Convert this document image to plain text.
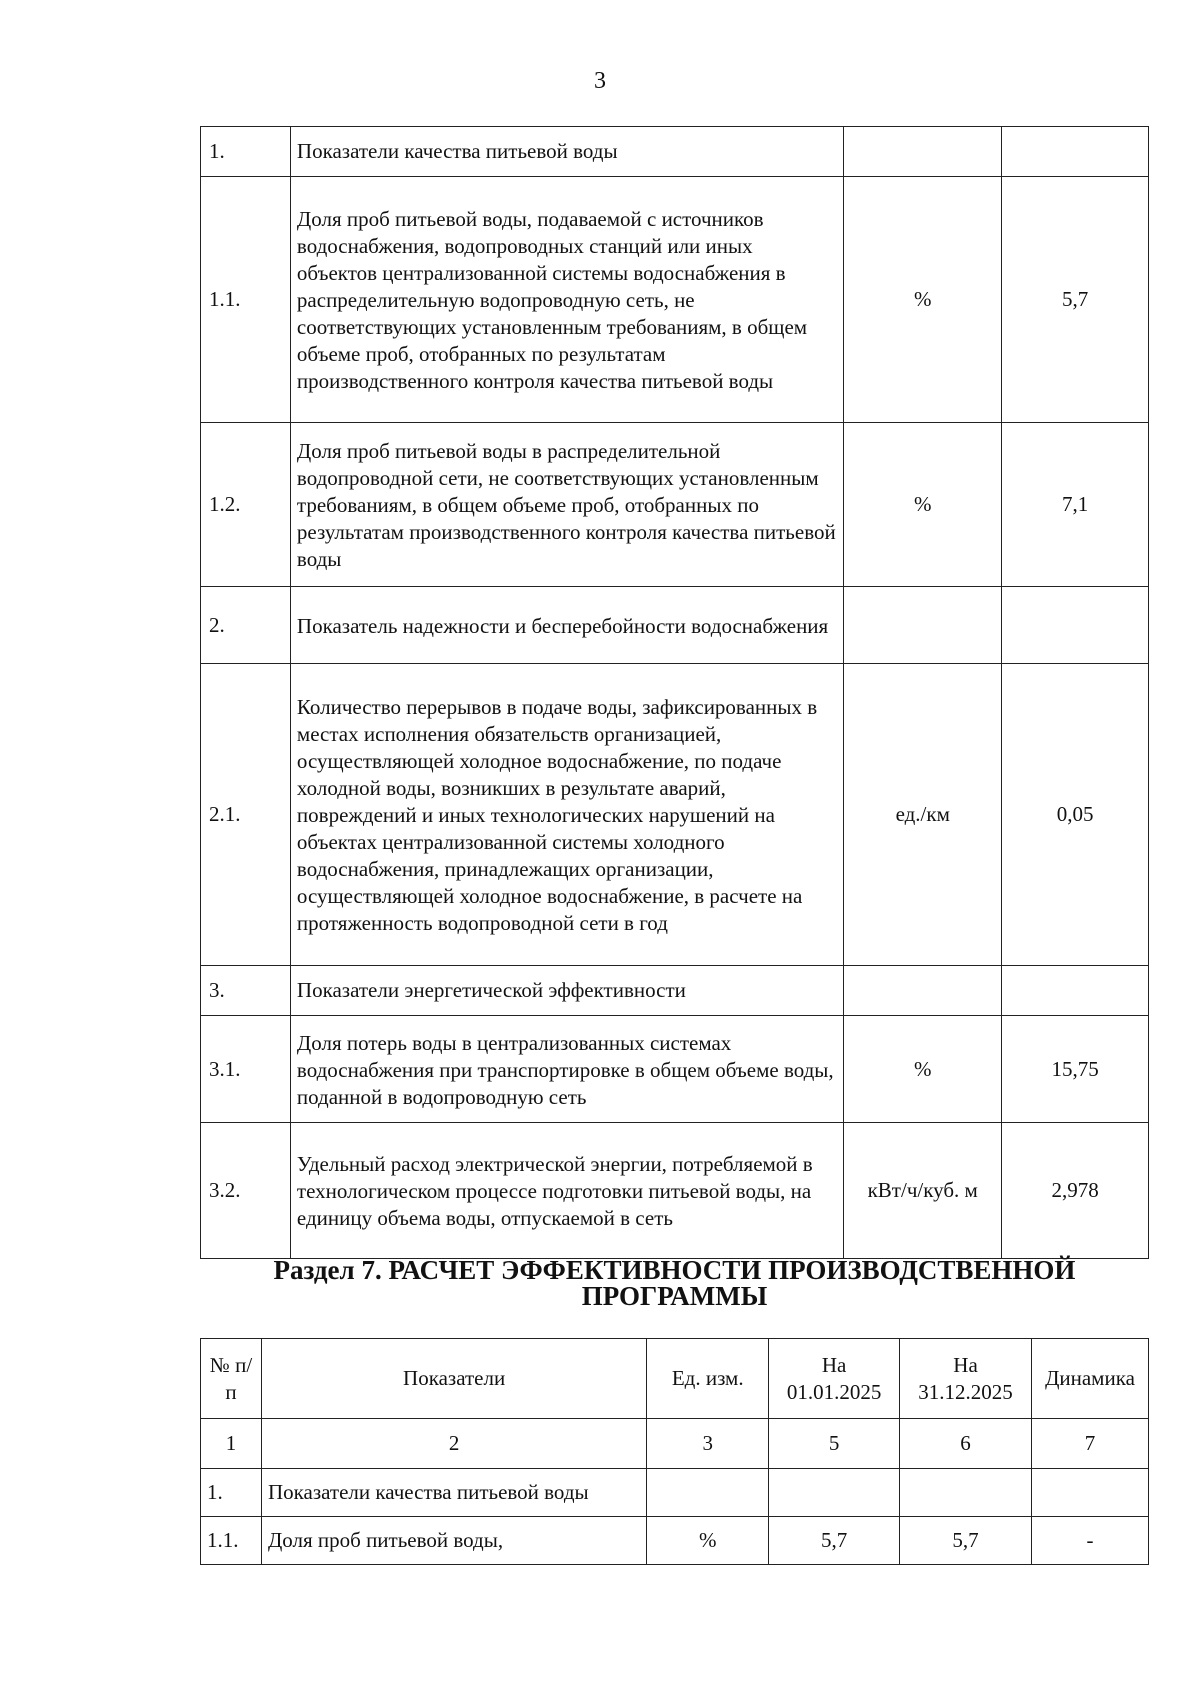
3
1.	Показатели качества питьевой воды		
1.1.	Доля проб питьевой воды, подаваемой с источников водоснабжения, водопроводных станций или иных объектов централизованной системы водоснабжения в распределительную водопроводную сеть, не соответствующих установленным требованиям, в общем объеме проб, отобранных по результатам производственного контроля качества питьевой воды	%	5,7
1.2.	Доля проб питьевой воды в распределительной водопроводной сети, не соответствующих установленным требованиям, в общем объеме проб, отобранных по результатам производственного контроля качества питьевой воды	%	7,1
2.	Показатель надежности и бесперебойности водоснабжения		
2.1.	Количество перерывов в подаче воды, зафиксированных в местах исполнения обязательств организацией, осуществляющей холодное водоснабжение, по подаче холодной воды, возникших в результате аварий, повреждений и иных технологических нарушений на объектах централизованной системы холодного водоснабжения, принадлежащих организации, осуществляющей холодное водоснабжение, в расчете на протяженность водопроводной сети в год	ед./км	0,05
3.	Показатели энергетической эффективности		
3.1.	Доля потерь воды в централизованных системах водоснабжения при транспортировке в общем объеме воды, поданной в водопроводную сеть	%	15,75
3.2.	Удельный расход электрической энергии, потребляемой в технологическом процессе подготовки питьевой воды, на единицу объема воды, отпускаемой в сеть	кВт/ч/куб. м	2,978
Раздел 7. РАСЧЕТ ЭФФЕКТИВНОСТИ ПРОИЗВОДСТВЕННОЙ ПРОГРАММЫ
№ п/п	Показатели	Ед. изм.	На 01.01.2025	На 31.12.2025	Динамика
1	2	3	5	6	7
1.	Показатели качества питьевой воды				
1.1.	Доля проб питьевой воды,	%	5,7	5,7	-
